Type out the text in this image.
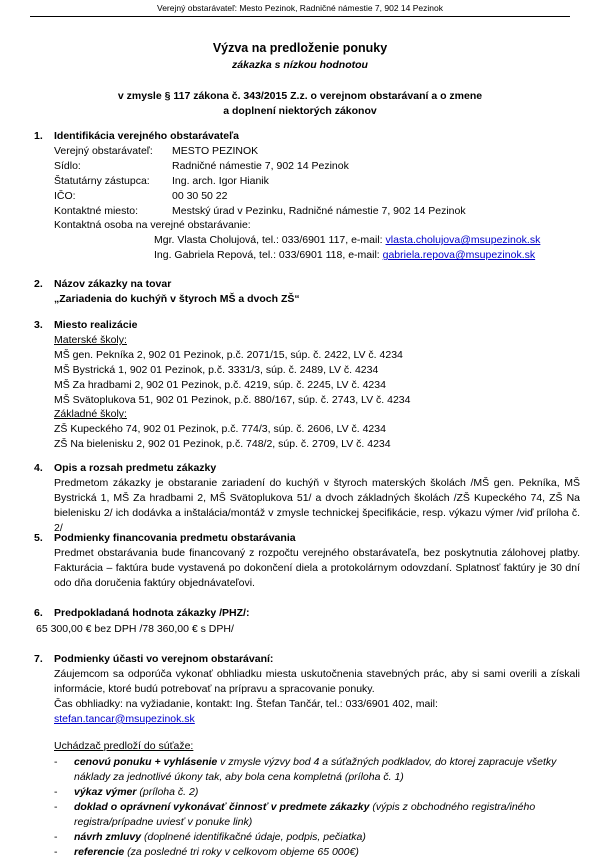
Verejný obstarávateľ: Mesto Pezinok, Radničné námestie 7, 902 14 Pezinok
Výzva na predloženie ponuky
zákazka s nízkou hodnotou
v zmysle § 117 zákona č. 343/2015 Z.z. o verejnom obstarávaní a o zmene
a doplnení niektorých zákonov
1. Identifikácia verejného obstarávateľa
Verejný obstarávateľ:	MESTO PEZINOK
Sídlo:	Radničné námestie 7, 902 14 Pezinok
Štatutárny zástupca:	Ing. arch. Igor Hianik
IČO:	00 30 50 22
Kontaktné miesto:	Mestský úrad v Pezinku, Radničné námestie 7, 902 14 Pezinok
Kontaktná osoba na verejné obstarávanie:
Mgr. Vlasta Cholujová, tel.: 033/6901 117, e-mail: vlasta.cholujova@msupezinok.sk
Ing. Gabriela Repová, tel.: 033/6901 118, e-mail: gabriela.repova@msupezinok.sk
2. Názov zákazky na tovar
„Zariadenia do kuchýň v štyroch MŠ a dvoch ZŠ“
3. Miesto realizácie
Materské školy:
MŠ gen. Pekníka 2, 902 01 Pezinok, p.č. 2071/15, súp. č. 2422, LV č. 4234
MŠ Bystrická 1, 902 01 Pezinok, p.č. 3331/3, súp. č. 2489, LV č. 4234
MŠ Za hradbami 2, 902 01 Pezinok, p.č. 4219, súp. č. 2245, LV č. 4234
MŠ Svätoplukova 51, 902 01 Pezinok, p.č. 880/167, súp. č. 2743, LV č. 4234
Základné školy:
ZŠ Kupeckého 74, 902 01 Pezinok, p.č. 774/3, súp. č. 2606, LV č. 4234
ZŠ Na bielenisku 2, 902 01 Pezinok, p.č. 748/2, súp. č. 2709, LV č. 4234
4. Opis a rozsah predmetu zákazky
Predmetom zákazky je obstaranie zariadení do kuchýň v štyroch materských školách /MŠ gen. Pekníka, MŠ Bystrická 1, MŠ Za hradbami 2, MŠ Svätoplukova 51/ a dvoch základných školách /ZŠ Kupeckého 74, ZŠ Na bielenisku 2/ ich dodávka a inštalácia/montáž v zmysle technickej špecifikácie, resp. výkazu výmer /viď príloha č. 2/
5. Podmienky financovania predmetu obstarávania
Predmet obstarávania bude financovaný z rozpočtu verejného obstarávateľa, bez poskytnutia zálohovej platby. Fakturácia – faktúra bude vystavená po dokončení diela a protokolárnym odovzdaní. Splatnosť faktúry je 30 dní odo dňa doručenia faktúry objednávateľovi.
6. Predpokladaná hodnota zákazky /PHZ/:
65 300,00 € bez DPH /78 360,00 € s DPH/
7. Podmienky účasti vo verejnom obstarávaní:
Záujemcom sa odporúča vykonať obhliadku miesta uskutočnenia stavebných prác, aby si sami overili a získali informácie, ktoré budú potrebovať na prípravu a spracovanie ponuky.
Čas obhliadky: na vyžiadanie, kontakt: Ing. Štefan Tančár, tel.: 033/6901 402, mail: stefan.tancar@msupezinok.sk
Uchádzač predloží do súťaže:
- cenovú ponuku + vyhlásenie v zmysle výzvy bod 4 a súťažných podkladov, do ktorej zapracuje všetky náklady za jednotlivé úkony tak, aby bola cena kompletná (príloha č. 1)
- výkaz výmer (príloha č. 2)
- doklad o oprávnení vykonávať činnosť v predmete zákazky (výpis z obchodného registra/iného registra/prípadne uviesť v ponuke link)
- návrh zmluvy (doplnené identifikačné údaje, podpis, pečiatka)
- referencie (za posledné tri roky v celkovom objeme 65 000€)
